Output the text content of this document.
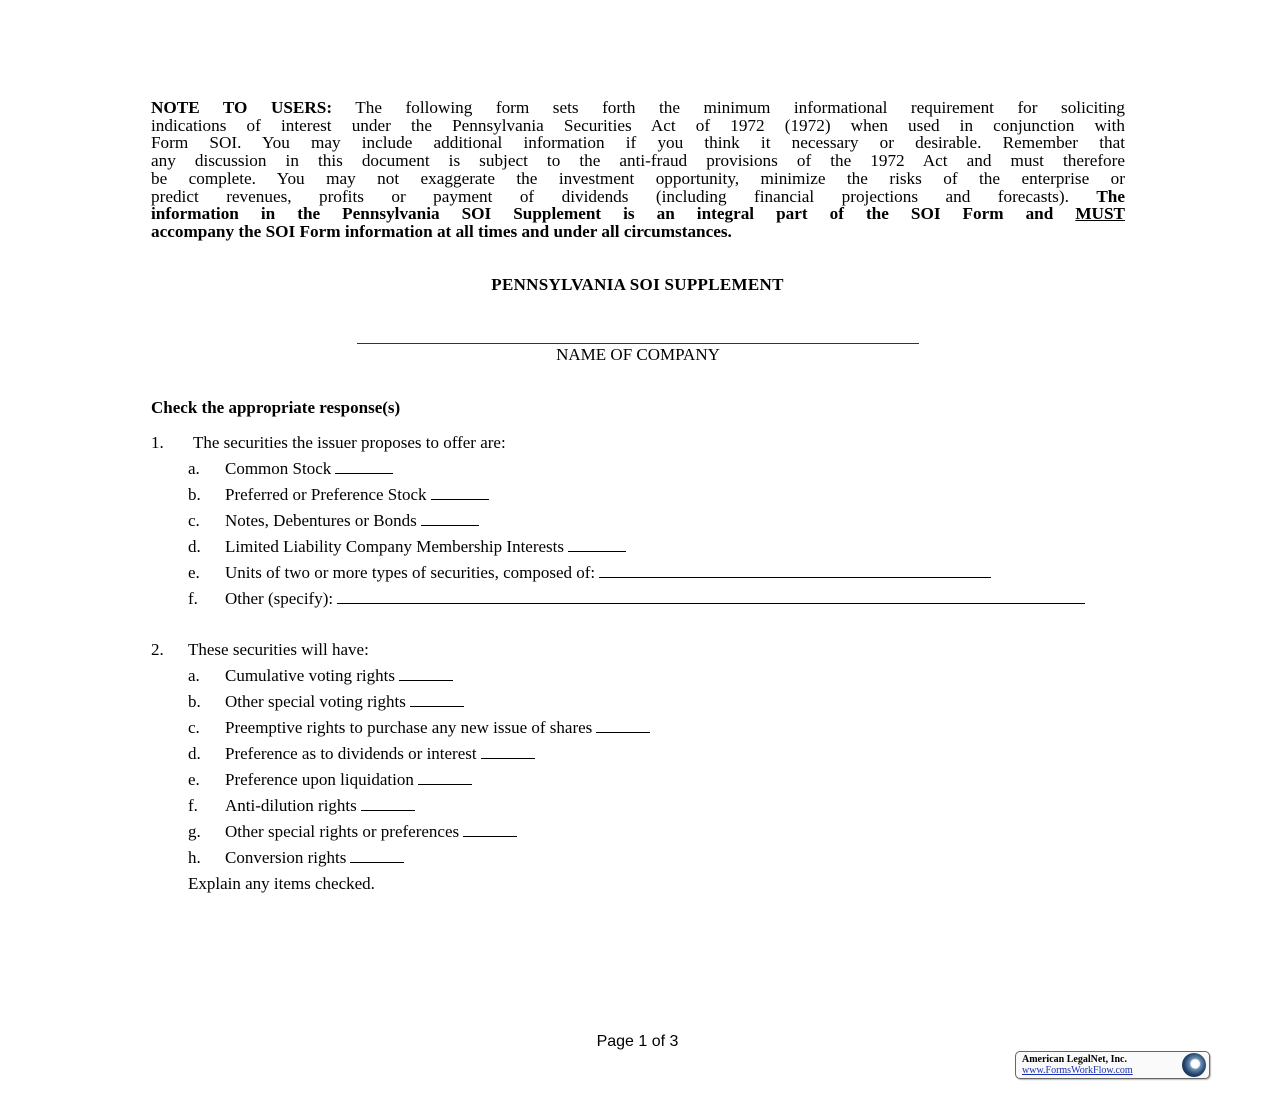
NOTE TO USERS: The following form sets forth the minimum informational requirement for soliciting
indications of interest under the Pennsylvania Securities Act of 1972 (1972) when used in conjunction with
Form SOI. You may include additional information if you think it necessary or desirable. Remember that
any discussion in this document is subject to the anti-fraud provisions of the 1972 Act and must therefore
be complete. You may not exaggerate the investment opportunity, minimize the risks of the enterprise or
predict revenues, profits or payment of dividends (including financial projections and forecasts). The
information in the Pennsylvania SOI Supplement is an integral part of the SOI Form and MUST
accompany the SOI Form information at all times and under all circumstances.
PENNSYLVANIA SOI SUPPLEMENT
NAME OF COMPANY
Check the appropriate response(s)
1. The securities the issuer proposes to offer are:
a. Common Stock
b. Preferred or Preference Stock
c. Notes, Debentures or Bonds
d. Limited Liability Company Membership Interests
e. Units of two or more types of securities, composed of:
f. Other (specify):
2. These securities will have:
a. Cumulative voting rights
b. Other special voting rights
c. Preemptive rights to purchase any new issue of shares
d. Preference as to dividends or interest
e. Preference upon liquidation
f. Anti-dilution rights
g. Other special rights or preferences
h. Conversion rights
Explain any items checked.
Page 1 of 3
American LegalNet, Inc.
www.FormsWorkFlow.com
